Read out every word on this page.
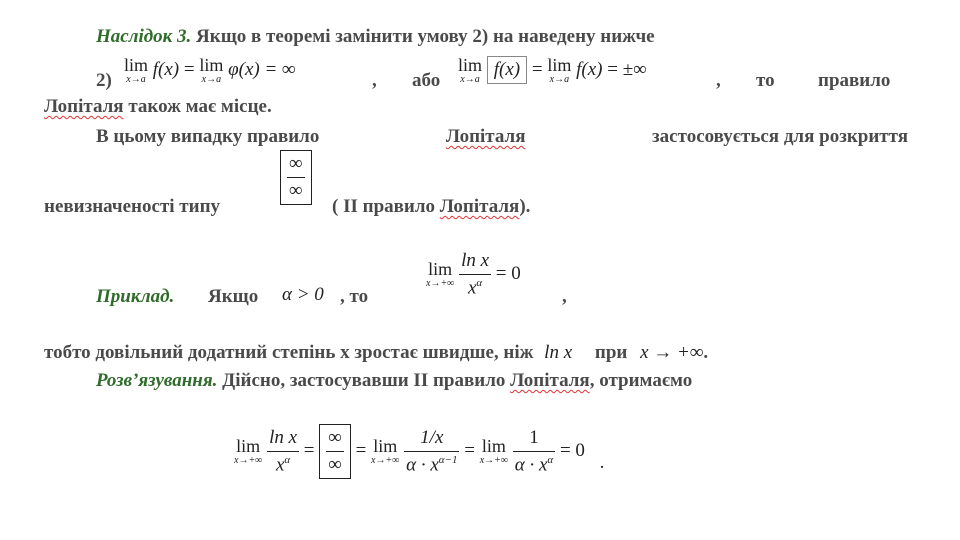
Наслідок 3. Якщо в теоремі замінити умову 2) на наведену нижче
2)
lim
x→a f(x) = lim
x→a φ(x) = ∞
, або
lim
x→a f(x) = lim
x→a f(x) = ±∞
, то правило
Лопіталя також має місце.
В цьому випадку правило	Лопіталя	застосовується для розкриття
невизначеності типу
$\frac{\infty}{\infty}$
( II правило Лопіталя).
Приклад. Якщо α > 0 , то
lim
x→+∞
$\frac{\text{ln x}}{x^\alpha} = 0$
,
тобто довільний додатний степінь x зростає швидше, ніж ln x при x → +∞.
Розв’язування. Дійсно, застосувавши II правило Лопіталя, отримаємо
lim
x→+∞
$\frac{\text{ln x}}{x^\alpha} = \frac{\infty}{\infty} = \lim$
x→+∞
$\frac{1/x}{\alpha \cdot x^{\alpha-1}} = \lim$
x→+∞
$\frac{1}{\alpha \cdot x^\alpha} = 0$ .
